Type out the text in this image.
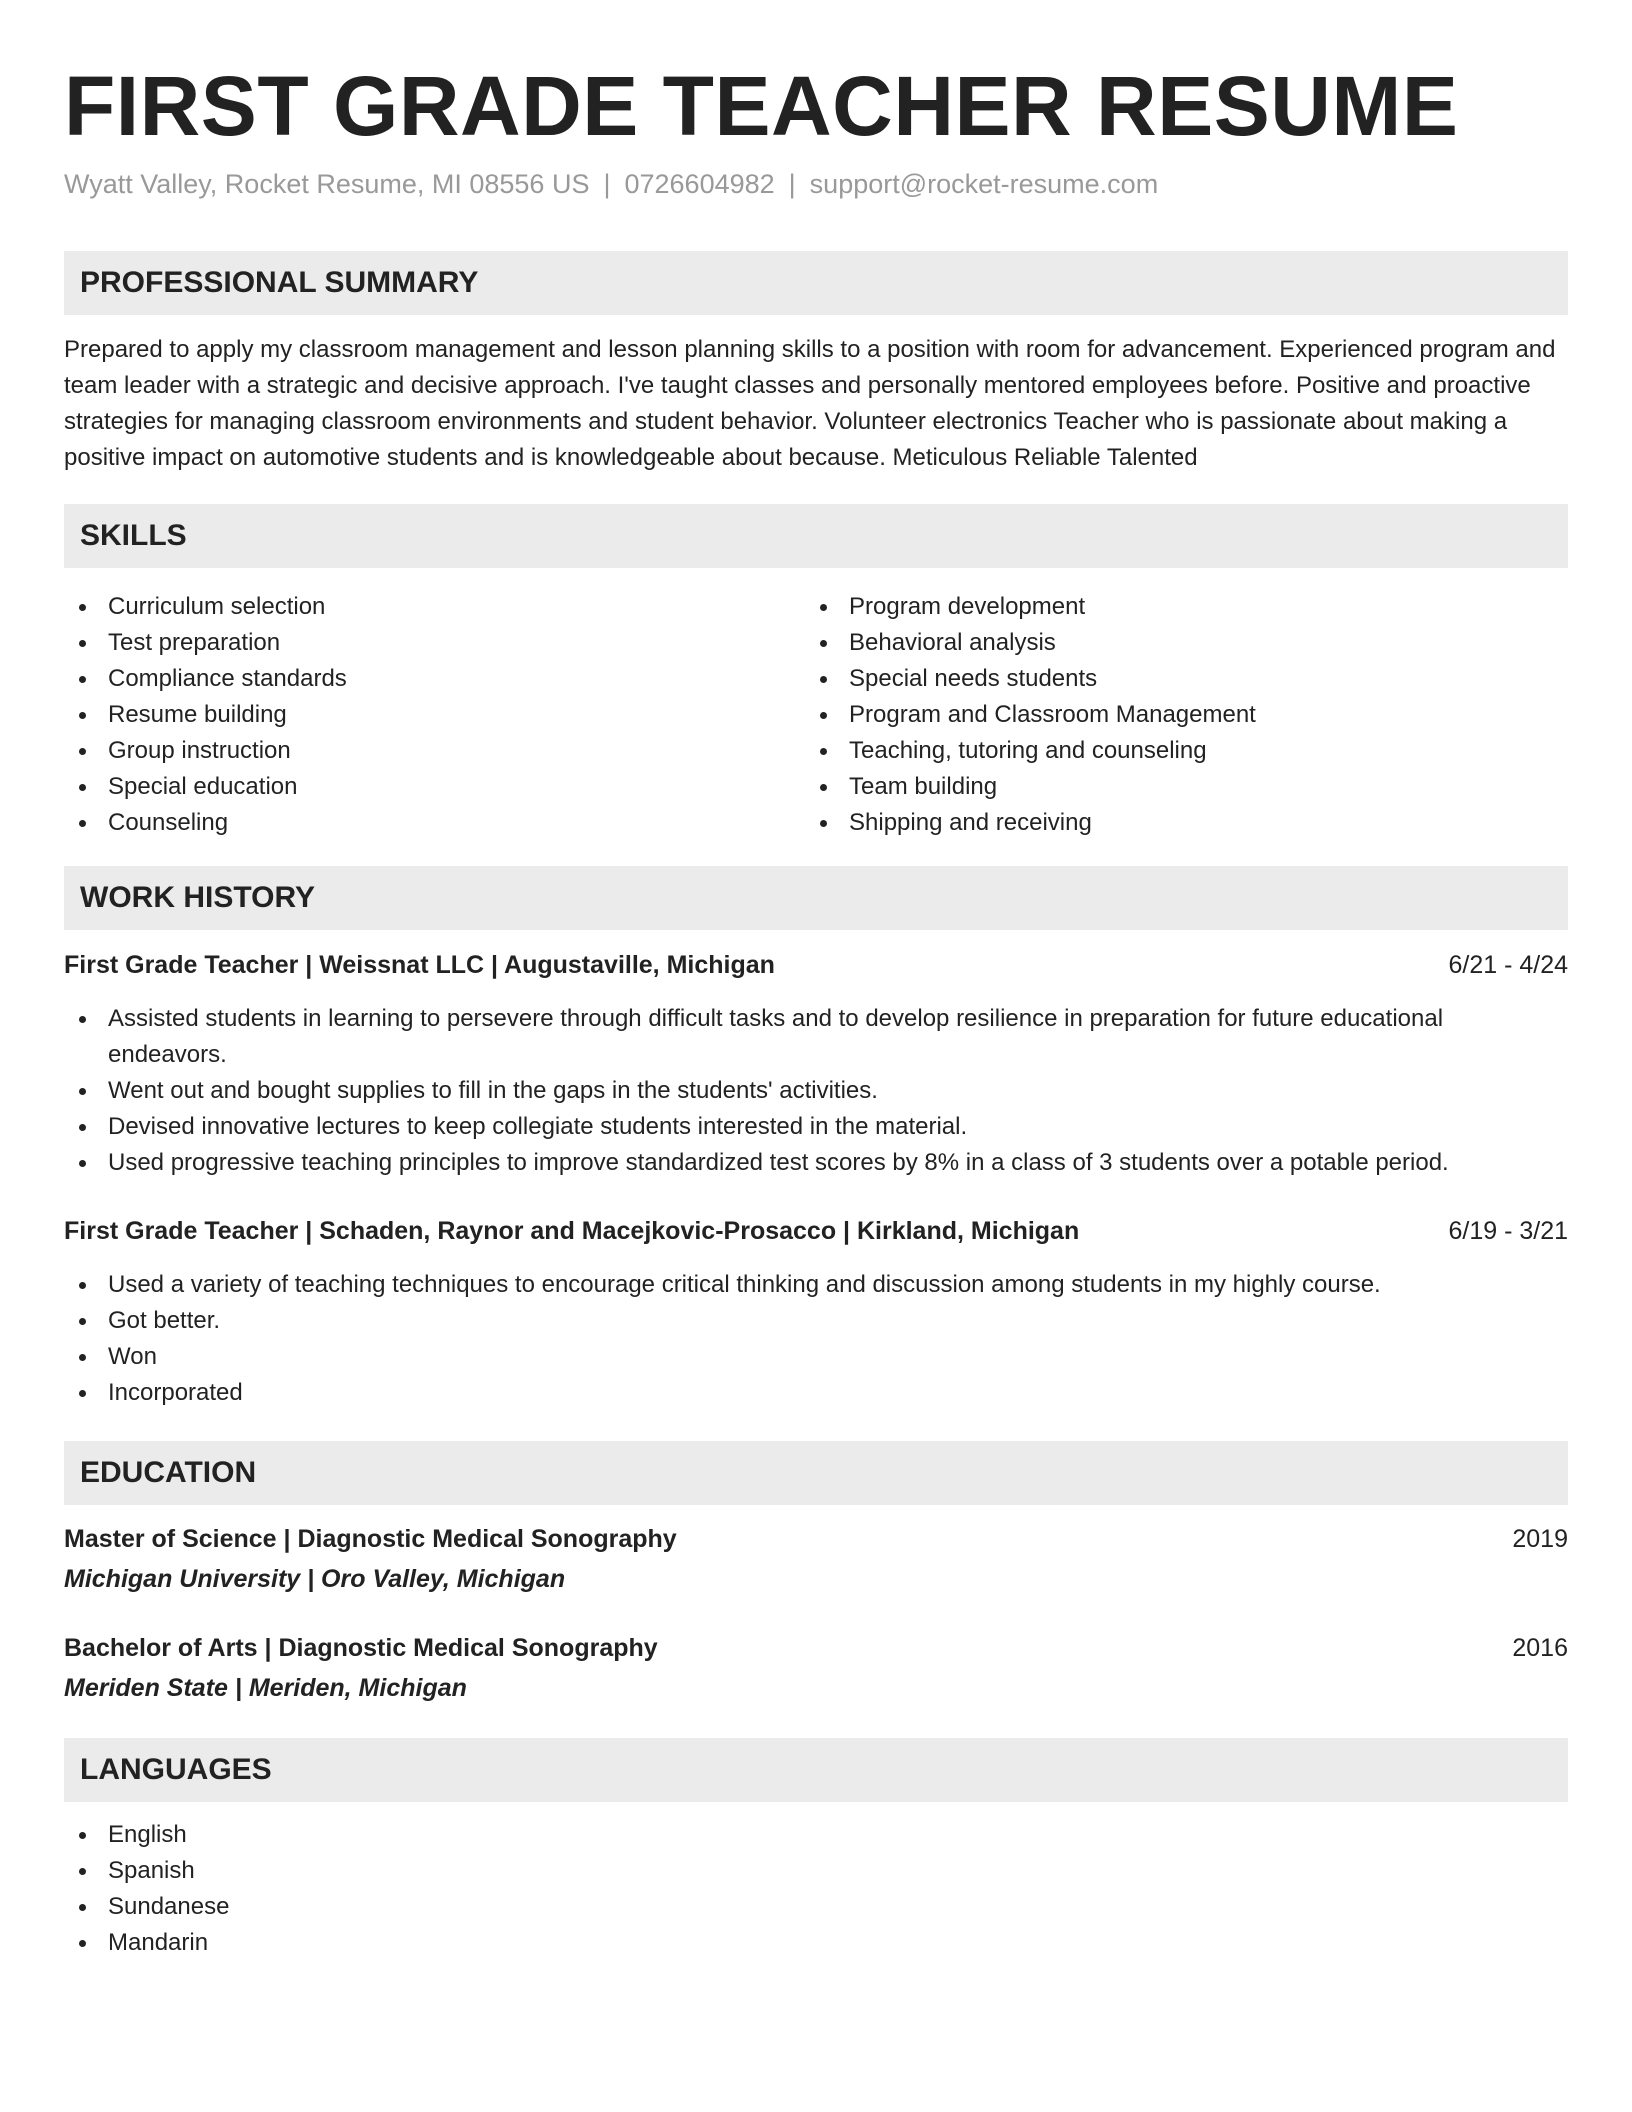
FIRST GRADE TEACHER RESUME
Wyatt Valley, Rocket Resume, MI 08556 US | 0726604982 | support@rocket-resume.com
PROFESSIONAL SUMMARY

Prepared to apply my classroom management and lesson planning skills to a position with room for advancement. Experienced program and team leader with a strategic and decisive approach. I've taught classes and personally mentored employees before. Positive and proactive strategies for managing classroom environments and student behavior. Volunteer electronics Teacher who is passionate about making a positive impact on automotive students and is knowledgeable about because. Meticulous Reliable Talented

SKILLS
Curriculum selection
Test preparation
Compliance standards
Resume building
Group instruction
Special education
Counseling
Program development
Behavioral analysis
Special needs students
Program and Classroom Management
Teaching, tutoring and counseling
Team building
Shipping and receiving
WORK HISTORY
First Grade Teacher | Weissnat LLC | Augustaville, Michigan	6/21 - 4/24
Assisted students in learning to persevere through difficult tasks and to develop resilience in preparation for future educational endeavors.
Went out and bought supplies to fill in the gaps in the students' activities.
Devised innovative lectures to keep collegiate students interested in the material.
Used progressive teaching principles to improve standardized test scores by 8% in a class of 3 students over a potable period.
First Grade Teacher | Schaden, Raynor and Macejkovic-Prosacco | Kirkland, Michigan	6/19 - 3/21
Used a variety of teaching techniques to encourage critical thinking and discussion among students in my highly course.
Got better.
Won
Incorporated
EDUCATION
Master of Science | Diagnostic Medical Sonography	2019
Michigan University | Oro Valley, Michigan
Bachelor of Arts | Diagnostic Medical Sonography	2016
Meriden State | Meriden, Michigan
LANGUAGES
English
Spanish
Sundanese
Mandarin
